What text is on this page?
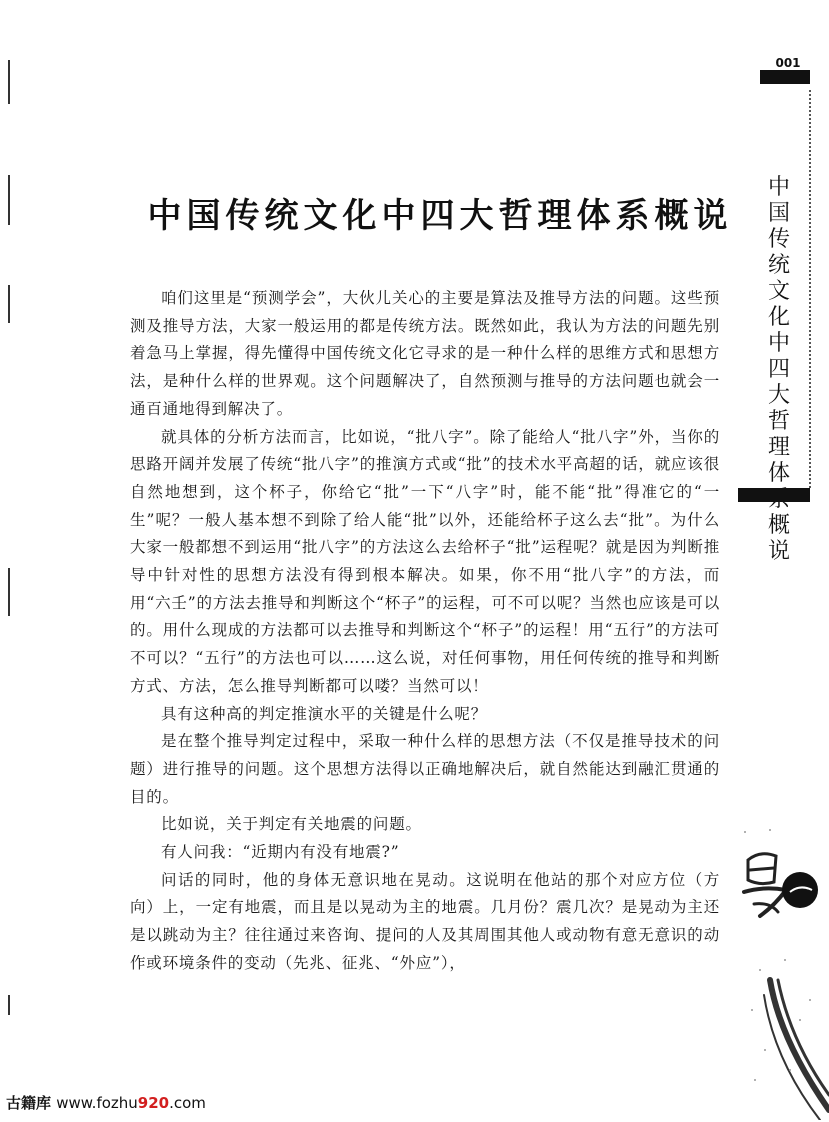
001
中
国
传
统
文
化
中
四
大
哲
理
体
概
说
中国传统文化中四大哲理体系概说

咱们这里是“预测学会”，大伙儿关心的主要是算法及推导方法的问题。这些预测及推导方法，大家一般运用的都是传统方法。既然如此，我认为方法的问题先别着急马上掌握，得先懂得中国传统文化它寻求的是一种什么样的思维方式和思想方法，是种什么样的世界观。这个问题解决了，自然预测与推导的方法问题也就会一通百通地得到解决了。

就具体的分析方法而言，比如说，“批八字”。除了能给人“批八字”外，当你的思路开阔并发展了传统“批八字”的推演方式或“批”的技术水平高超的话，就应该很自然地想到，这个杯子，你给它“批”一下“八字”时，能不能“批”得准它的“一生”呢？一般人基本想不到除了给人能“批”以外，还能给杯子这么去“批”。为什么大家一般都想不到运用“批八字”的方法这么去给杯子“批”运程呢？就是因为判断推导中针对性的思想方法没有得到根本解决。如果，你不用“批八字”的方法，而用“六壬”的方法去推导和判断这个“杯子”的运程，可不可以呢？当然也应该是可以的。用什么现成的方法都可以去推导和判断这个“杯子”的运程！用“五行”的方法可不可以？“五行”的方法也可以……这么说，对任何事物，用任何传统的推导和判断方式、方法，怎么推导判断都可以喽？当然可以！

具有这种高的判定推演水平的关键是什么呢？

是在整个推导判定过程中，采取一种什么样的思想方法（不仅是推导技术的问题）进行推导的问题。这个思想方法得以正确地解决后，就自然能达到融汇贯通的目的。

比如说，关于判定有关地震的问题。

有人问我：“近期内有没有地震?”

问话的同时，他的身体无意识地在晃动。这说明在他站的那个对应方位（方向）上，一定有地震，而且是以晃动为主的地震。几月份？震几次？是晃动为主还是以跳动为主？往往通过来咨询、提问的人及其周围其他人或动物有意无意识的动作或环境条件的变动（先兆、征兆、“外应”），

古籍库 www.fozhu920.com
